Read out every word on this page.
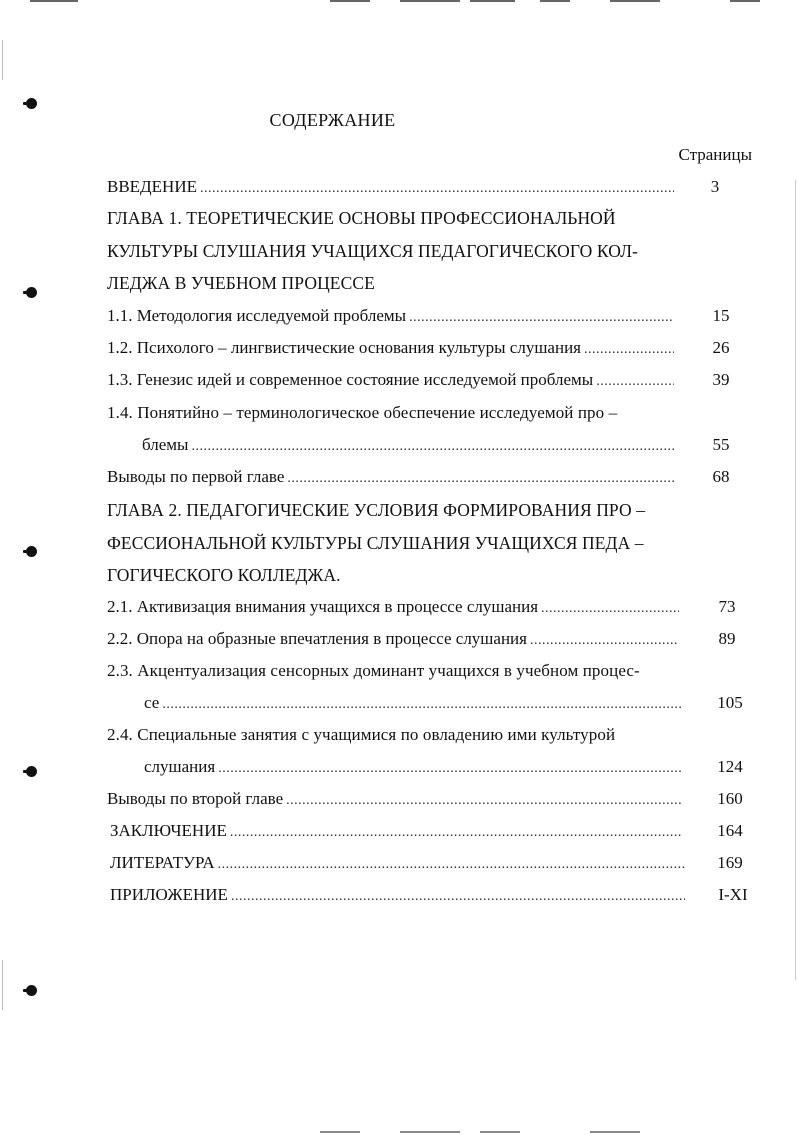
СОДЕРЖАНИЕ
Страницы
ВВЕДЕНИЕ .....	3
ГЛАВА 1. ТЕОРЕТИЧЕСКИЕ ОСНОВЫ ПРОФЕССИОНАЛЬНОЙ
КУЛЬТУРЫ СЛУШАНИЯ УЧАЩИХСЯ ПЕДАГОГИЧЕСКОГО КОЛ-
ЛЕДЖА В УЧЕБНОМ ПРОЦЕССЕ
1.1. Методология исследуемой проблемы .....	15
1.2. Психолого – лингвистические основания культуры слушания .....	26
1.3. Генезис идей и современное состояние исследуемой проблемы .....	39
1.4. Понятийно – терминологическое обеспечение исследуемой про –
блемы .....	55
Выводы по первой главе .....	68
ГЛАВА 2. ПЕДАГОГИЧЕСКИЕ УСЛОВИЯ ФОРМИРОВАНИЯ ПРО –
ФЕССИОНАЛЬНОЙ КУЛЬТУРЫ СЛУШАНИЯ УЧАЩИХСЯ ПЕДА –
ГОГИЧЕСКОГО КОЛЛЕДЖА.
2.1. Активизация внимания учащихся в процессе слушания .....	73
2.2. Опора на образные впечатления в процессе слушания .....	89
2.3. Акцентуализация сенсорных доминант учащихся в учебном процес-
се .....	105
2.4. Специальные занятия с учащимися по овладению ими культурой
слушания .....	124
Выводы по второй главе .....	160
ЗАКЛЮЧЕНИЕ .....	164
ЛИТЕРАТУРА .....	169
ПРИЛОЖЕНИЕ .....	I-XI
